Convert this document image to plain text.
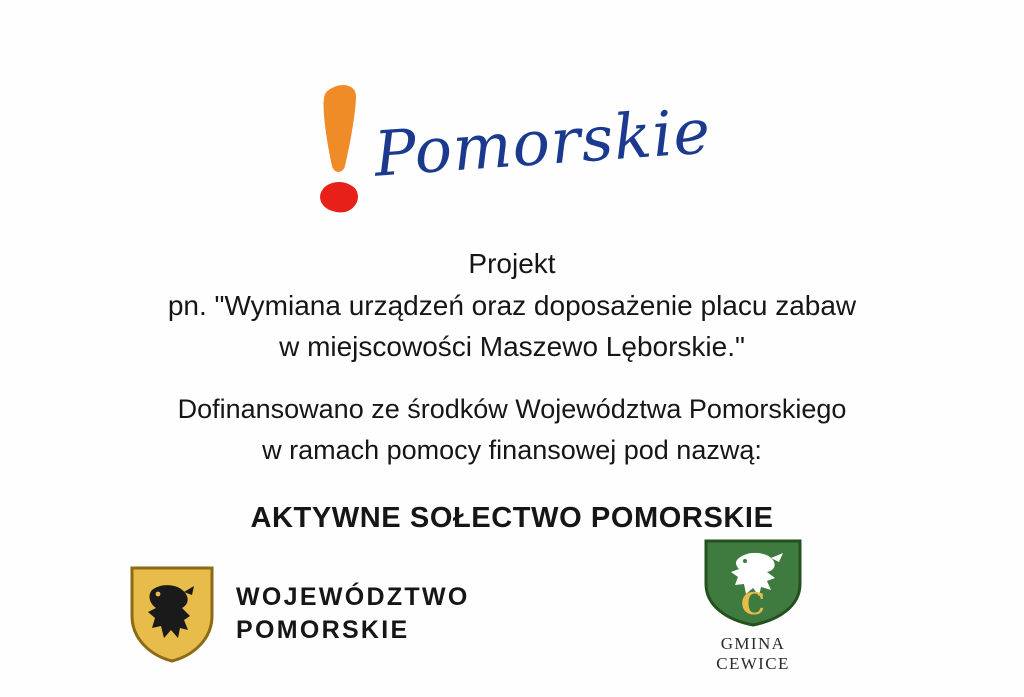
Pomorskie
Projekt
pn. "Wymiana urządzeń oraz doposażenie placu zabaw
w miejscowości Maszewo Lęborskie."
Dofinansowano ze środków Województwa Pomorskiego
w ramach pomocy finansowej pod nazwą:
AKTYWNE SOŁECTWO POMORSKIE
WOJEWÓDZTWO
POMORSKIE
C
GMINA CEWICE
